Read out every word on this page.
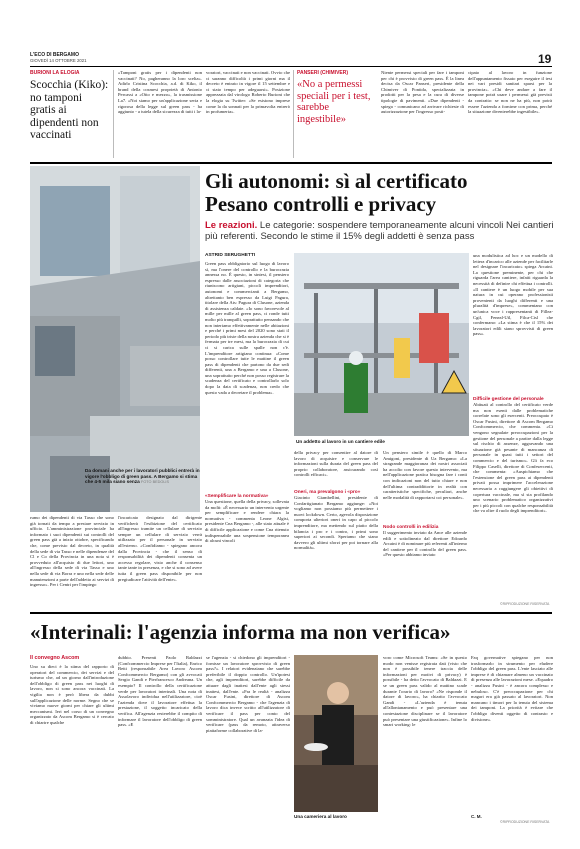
L'ECO DI BERGAMO
GIOVEDÌ 14 OTTOBRE 2021	19
BURIONI LA ELOGIA
Scocchia (Kiko): no tamponi gratis ai dipendenti non vaccinati
«Tamponi gratis per i dipendenti non vaccinati? No, pagheranno la loro scelta». Adirlo Cristina Scocchia, a.d. di Kiko, il brand della cosmesi proprietà di Antonio Percassi a «Otto e mezzo», la trasmissione La7. «Noi siamo per un'applicazione seria e rigorosa della legge sul green pass - ha aggiunto - a tutela della sicurezza di tutti i la-
voratori, vaccinati e non vaccinati. Ovvio che ci saranno difficoltà i primi giorni ma il decreto è entrato in vigore il 15 settembre e ci stato tempo per adeguarsi». Posizione apprezzata dal virologo Roberto Burioni che la elogia su Twitter: «Se esistono imprese come la da sonnati per la primavolta entrerò in profumeria».
PANSERI (CHIMIVER)
«No a permessi speciali per i test, sarebbe ingestibile»
Niente permessi speciali per fare i tamponi per chi è provvisto di green pass. È la linea decisa da Oscar Panseri, presidente della Chimiver di Pontida, specializzata in prodotti per la pesa e la cura di diverse tipologie di pavimenti. «Due dipendenti - spiega - comunicano ad arrivare richieste di autorizzazione per l'ingresso posti-
cipato al lavoro in funzione dell'appuntamento fissato per eseguire il test nei vari presidi sanitari sparsi per la provincia». «Chi deve andare a fare il tampone potrà usare i permessi già previsti da contratto: se non ne ha più, non potrà essere l'azienda a fornirne con prima, perché la situazione diventerebbe ingestibile».
Da domani anche per i lavoratori pubblici entrerà in vigore l'obbligo di green pass. A Bergamo si stima che 4-5 mila siano senza FOTO BEDOLIS
Gli autonomi: sì al certificato
Pesano controlli e privacy
Le reazioni. Le categorie: sospendere temporaneamente alcuni vincoli Nei cantieri più referenti. Secondo le stime il 15% degli addetti è senza pass
ASTRID SERUGHETTI
Green pass obbligatorio sul luogo di lavoro sì, ma l'onere del controllo e la burocrazia annessa no. È questo, in sintesi, il pensiero espresso dalle associazioni di categoria che riuniscono artigiani, piccoli imprenditori, autonomi e commercianti a Bergamo, altrettanto ben espresso da Luigi Pagura, titolare della Ats: Pagura di Clusone, azienda di assistenza caldaie. «Io sono favorevole al mille per mille al green pass, ci ronde tutti molto più tranquilli, soprattutto pensando che non interiamo effettivamente nelle abitazioni e perché i primi mesi del 2020 sono stati il periodo più triste della nostra azienda che si è fermata per tre mesi, ma la burocrazia di cui ci si carica sulle spalle non c'è. L'imprenditore artigiano continua: «Come posso controllare tutte le mattine il green pass di dipendenti che partono da due sedi differenti, una a Bergamo e una a Clusone, una soprattutto perché non posso registrare la scadenza del certificato e controllarlo solo dopo la data di scadenza, non credo che questo vada a decretare il problema».
Un addetto al lavoro in un cantiere edile
una modulistica ad hoc e un modello di lettera d'incarico alle aziende per facilitarle nel designare l'incaricato» spiega Arcaini. La questione preminente, per chi che riguarda l'area cantiere, infatti riguarda la necessità di definire chi effettua i controlli. «Il cantiere è un luogo mobile per sua natura in cui operano professionisti provenienti da luoghi differenti e una pluralità d'imprese», commentano con un'unica voce i rappresentanti di Fillea-Cgil, Feneal-Uil, Filca-Cisl che confermano: «La stima è che il 15% dei lavoratori edili siano sprovvisti di green pass».
Difficile gestione del personale
Abituati al controllo del certificato verde ma non esenti dalle problematiche correlate sono gli esercenti. Preoccupato è Oscar Fusini, direttore di Ascom Bergamo Confcommercio, che commenta. «Ci vengono segnalate preoccupazioni per la gestione del personale a partire dalla legge sul rischio di assenze, aggravando una situazione già pesante di mancanza di personale in quasi tutti i settori del commercio e del turismo». Gli fa eco Filippo Caselli, direttore di Confesercenti, che commenta: «Auspichiamo che l'estensione del green pass ai dipendenti privati possa imprimere l'accelerazione necessaria a raggiungere gli obiettivi di copertura vaccinale, ma sì sta profilando uno scenario problematico organizzativi per i più piccoli con qualche responsabilità che va oltre il ruolo degli imprenditori».
rumo dei dipendenti di via Tasso che sono già tornati da tempo a prestare servizio in ufficio. L'amministrazione provinciale ha informato i suoi dipendenti sui controlli del green pass già a inizio ottobre, specificando che, come previsto dal decreto, in qualità della sede di via Tasso e nelle dipendenze del Cl e Co della Provincia in una nota si è provveduto all'acquisto di due lettori, uno all'ingresso della sede di via Tasso e uno nella sede di via Borra e uno nella sede delle manutenzioni a parte dell'addetto ai servizi di ingresso». Per i Centri per l'impiego
l'incaricato designato dal dirigente verificherà l'esibizione del certificato all'ingresso tramite un cellulare di servizio sempre un cellulare di servizio verrà utilizzato per il personale in servizio all'esterno. «Confidiamo - spiegano ancora dalla Provincia - che il senso di responsabilità dei dipendenti consenta un accesso regolare, visto anche il consenso tante tante in presenza, e che si sono ad avere tutta il green pass disponibile per non pregiudicare l'attività dell'ente».
«Semplificare la normativa»
Una questione, quella della privacy, sollevata da molti: «È necessario un intervento urgente per semplificare e rendere chiara la normativa - commenta Leone Algisi, presidente Cna Bergamo -, alle stato attuale è di difficile applicazione e come Cna ritenuto indispensabile una sospensione temporanea di alcuni vincoli
della privacy per consentire al datore di lavoro di acquisire e conservare le informazioni sulla durata del green pass del proprio collaboratore, assicurando così controlli efficaci».
Oneri, ma prevalgono i «pro»
Giacinto Giambellini, presidente di Confartigianato Bergamo aggiunge: «Noi vogliamo non possiamo più permettere i nuovi lockdown. Certo, agevola disposizione comporta ulteriori oneri in capo al piccolo imprenditore, ma mettendo sul piatto della bilancia i pro e i contro, i primi sono superiori ai secondi. Speriamo che siano davvero gli ultimi sforzi per poi tornare alla normalità».
Un pensiero simile è quello di Marco Amigoni, presidente di Ua Bergamo: «La stragrande maggioranza dei nostri associati ha accolto con favore questo intervento, ma nell'applicazione pratica bisogna fare i conti con indicazioni non del tutto chiare e non dell'ultima contraddittorie in realtà con caratteristiche specifiche, peculiari, anche nelle modalità di rapportarsi coi personale».
Nodo controlli in edilizia
Il suggerimento inviato da Ance alle aziende edili e sottolineato dal direttore Edoardo Arcaini è di nominare più referenti all'interno del cantiere per il controllo del green pass. «Per questo abbiamo inviato
©RIPRODUZIONE RISERVATA
«Interinali: l'agenzia informa ma non verifica»
Il convegno Ascom
Uno su dieci è la stima del rapporto di operatori del commercio, dei servizi e del turismo che, ad un giorno dall'introduzione dell'obbligo di green pass nei luoghi di lavoro, non si sono ancora vaccinati. La vigilia non è però libera da dubbi sull'applicazione delle norme. Segno che se viviamo nuove giorni per chiare gli ultimi meccanismi. Ieri nel corso di un convegno organizzato da Ascom Bergamo si è cercato di chiarire qualche
dubbio. Presenti Paolo Baldazzi (Confcommercio Imprese per l'Italia), Enrico Betti (responsabile Area Lavoro Ascom Confcommercio Bergamo) con gli avvocati Sergio Gandi e Pierfrancesco Andreana. Un esempio? Il controllo della certificazione verde per lavoratori interinali. Una nota di Assolavoro individua nell'utilizzatore, cioè l'azienda dove il lavoratore effettua la prestazione, il soggetto incaricato della verifica. All'agenzia resterebbe il compito di informare il lavoratore dell'obbligo di green pass. «E
se l'agenzia - si chiedono gli imprenditori - fornisse un lavoratore sprovvisto di green pass?». I relatori evidenziano che sarebbe preferibile il doppio controllo. Un'ipotesi che, agli imprenditori, sarebbe difficile da attuare dagli inattesi dall'ente agli stessi inattesi, dall'ente. «Fra le realtà - analizza Oscar Fusini, direttore di Ascom Confcommercio Bergamo - che l'agenzia di lavoro dica invece scritto all'utilizzatore di verificare il pass per conto del somministratore. Qual un avanzata l'idea di verificare (pass da remoto, attraverso piattaforme collaborative di la-
Una cameriera al lavoro
voro come Microsoft Teams: «Se in questo modo non venisse registrata dati (visto che non è possibile tenere traccia delle informazioni per motivi di privacy) è possibile - ha detto l'avvocato di Baldazzi. E se un green pass valido al mattino scade durante l'orario di lavoro? «Ne risponde il datore di lavoro», ha chiarito l'avvocato Gandi - «L'azienda è tenuta all'allontanamento e può presentare una contestazione disciplinare se il lavoratore può presentare una giustificazione». Infine lo smart working: le
Faq governative spiegano per non trasformarlo in strumento per eludere l'obbligo del green pass. L'ente lasciato alle imprese è di chiamare almeno un vaccinato di presenza alle lavorazioni mese. «Equadro - analizza Fusini - è ancora complesso e nebuloso. C'è preoccupazione per chi magari era già passato al lavoratori. Non mancano i timori per la tenuta del sistema dei tamponi. La priorità è evitare che l'obbligo diventi oggetto di contrasto e divisione».
C. M.
©RIPRODUZIONE RISERVATA
